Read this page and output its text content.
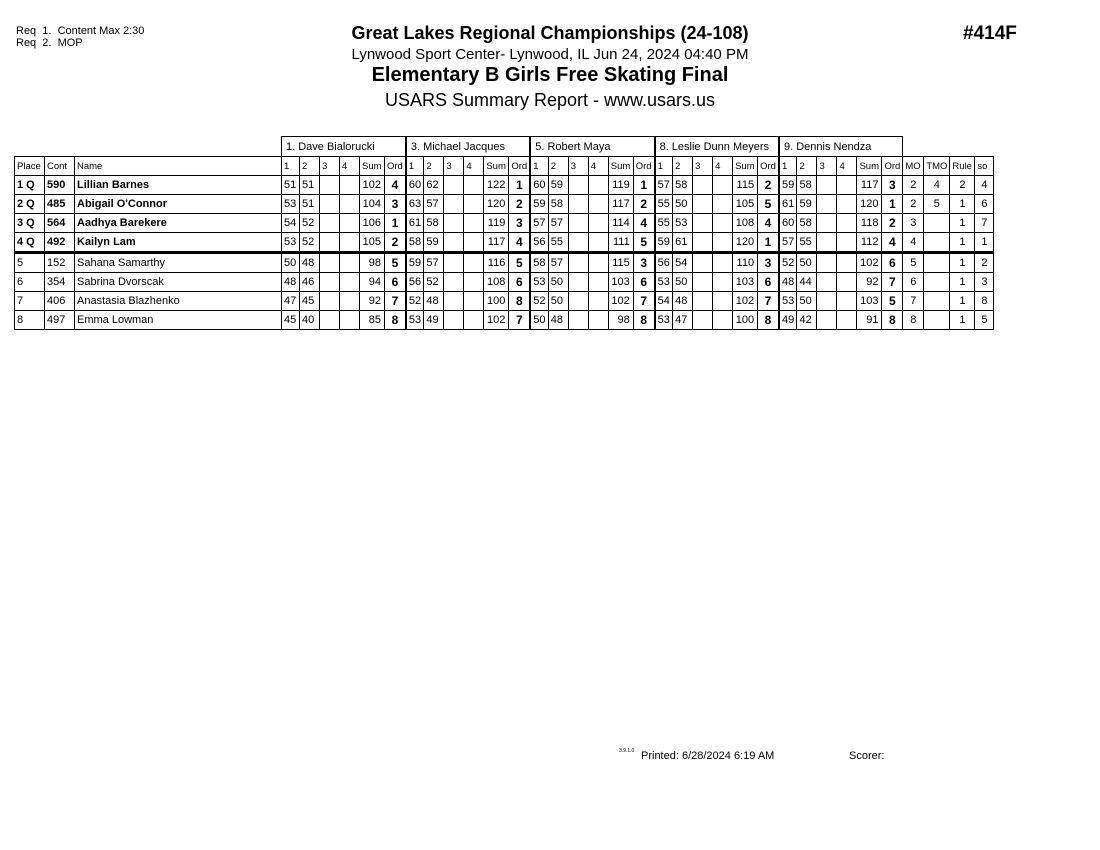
Req  1.  Content Max 2:30
Req  2.  MOP	Great Lakes Regional Championships (24-108)
Lynwood Sport Center- Lynwood, IL Jun 24, 2024 04:40 PM
Elementary B Girls Free Skating Final
USARS Summary Report - www.usars.us
#414F
			1. Dave Bialorucki						3. Michael Jacques						5. Robert Maya						8. Leslie Dunn Meyers						9. Dennis Nendza									
Place	Cont	Name	1	2	3	4	Sum	Ord	1	2	3	4	Sum	Ord	1	2	3	4	Sum	Ord	1	2	3	4	Sum	Ord	1	2	3	4	Sum	Ord	MO	TMO	Rule	so
1 Q	590	Lillian Barnes	51	51			102	4	60	62			122	1	60	59			119	1	57	58			115	2	59	58			117	3	2	4	2	4
2 Q	485	Abigail O'Connor	53	51			104	3	63	57			120	2	59	58			117	2	55	50			105	5	61	59			120	1	2	5	1	6
3 Q	564	Aadhya Barekere	54	52			106	1	61	58			119	3	57	57			114	4	55	53			108	4	60	58			118	2	3		1	7
4 Q	492	Kailyn Lam	53	52			105	2	58	59			117	4	56	55			111	5	59	61			120	1	57	55			112	4	4		1	1
5	152	Sahana Samarthy	50	48			98	5	59	57			116	5	58	57			115	3	56	54			110	3	52	50			102	6	5		1	2
6	354	Sabrina Dvorscak	48	46			94	6	56	52			108	6	53	50			103	6	53	50			103	6	48	44			92	7	6		1	3
7	406	Anastasia Blazhenko	47	45			92	7	52	48			100	8	52	50			102	7	54	48			102	7	53	50			103	5	7		1	8
8	497	Emma Lowman	45	40			85	8	53	49			102	7	50	48			98	8	53	47			100	8	49	42			91	8	8		1	5
3.9.1.0 Printed: 6/28/2024 6:19 AM	Scorer:
